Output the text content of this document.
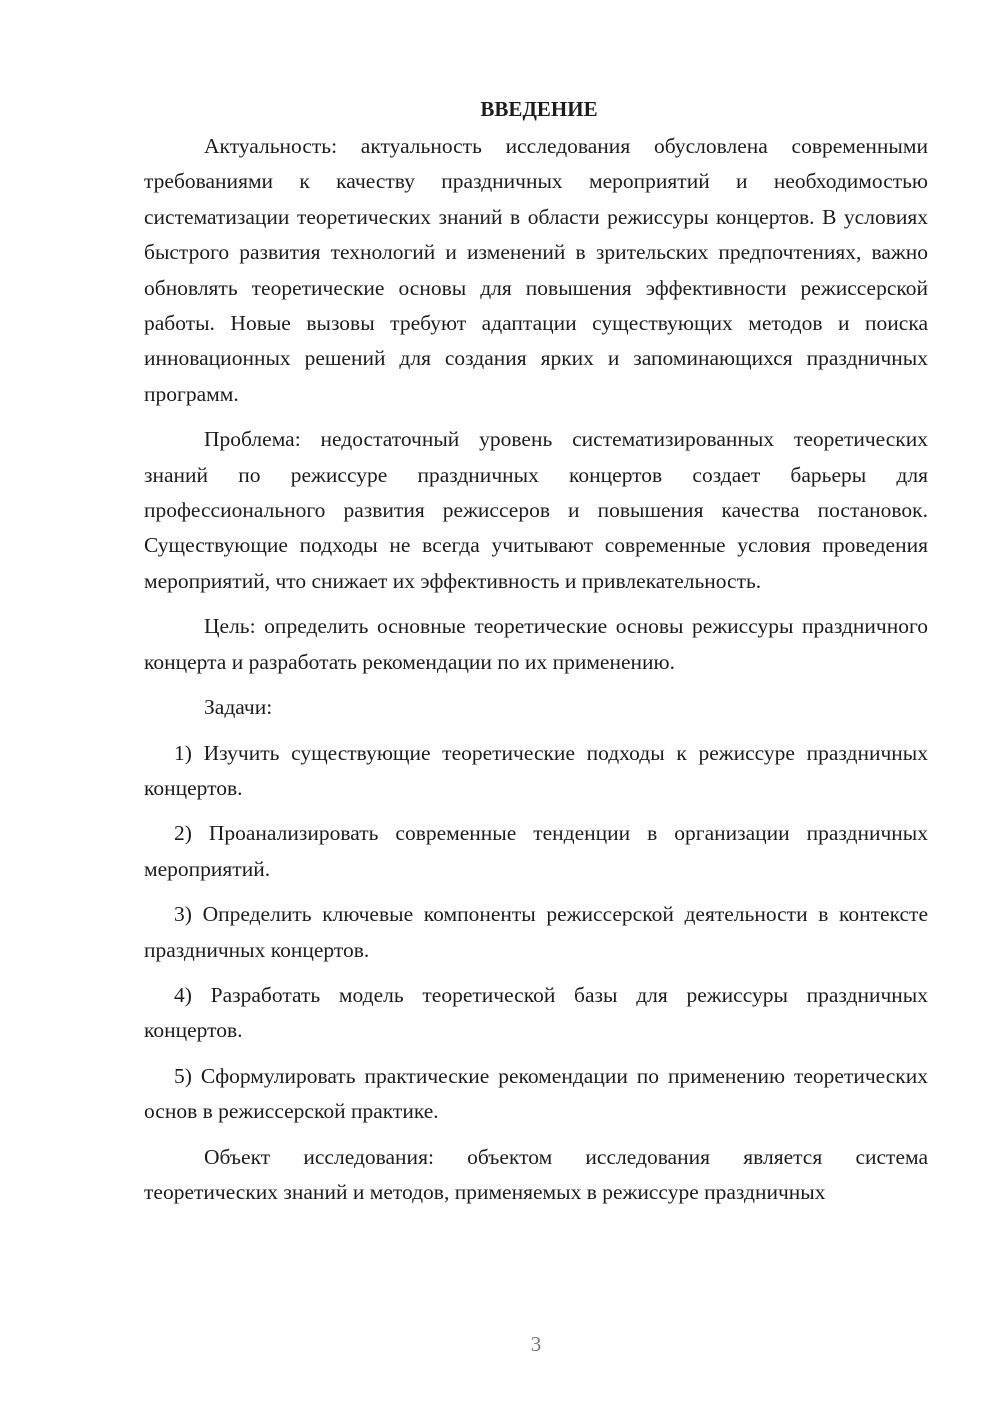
ВВЕДЕНИЕ

Актуальность: актуальность исследования обусловлена современными требованиями к качеству праздничных мероприятий и необходимостью систематизации теоретических знаний в области режиссуры концертов. В условиях быстрого развития технологий и изменений в зрительских предпочтениях, важно обновлять теоретические основы для повышения эффективности режиссерской работы. Новые вызовы требуют адаптации существующих методов и поиска инновационных решений для создания ярких и запоминающихся праздничных программ.

Проблема: недостаточный уровень систематизированных теоретических знаний по режиссуре праздничных концертов создает барьеры для профессионального развития режиссеров и повышения качества постановок. Существующие подходы не всегда учитывают современные условия проведения мероприятий, что снижает их эффективность и привлекательность.

Цель: определить основные теоретические основы режиссуры праздничного концерта и разработать рекомендации по их применению.

Задачи:

1) Изучить существующие теоретические подходы к режиссуре праздничных концертов.

2) Проанализировать современные тенденции в организации праздничных мероприятий.

3) Определить ключевые компоненты режиссерской деятельности в контексте праздничных концертов.

4) Разработать модель теоретической базы для режиссуры праздничных концертов.

5) Сформулировать практические рекомендации по применению теоретических основ в режиссерской практике.

Объект исследования: объектом исследования является система теоретических знаний и методов, применяемых в режиссуре праздничных

3
